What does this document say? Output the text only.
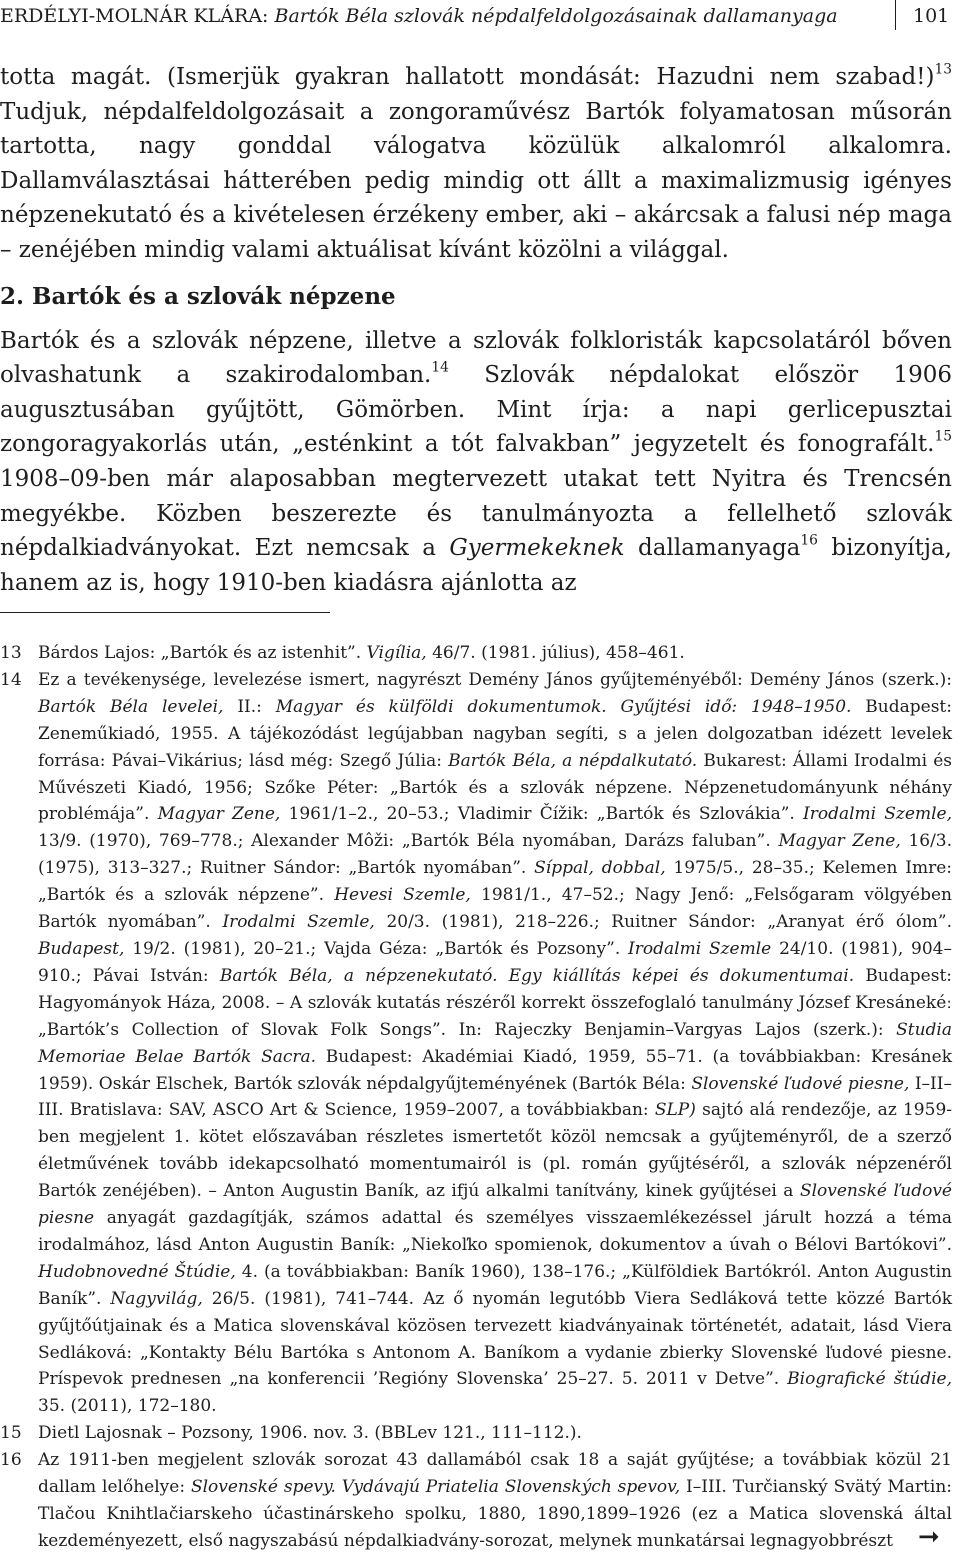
ERDÉLYI-MOLNÁR KLÁRA: Bartók Béla szlovák népdalfeldolgozásainak dallamanyaga	101

totta magát. (Ismerjük gyakran hallatott mondását: Hazudni nem szabad!)$^{13}$ Tudjuk, népdalfeldolgozásait a zongoraművész Bartók folyamatosan műsorán tartotta, nagy gonddal válogatva közülük alkalomról alkalomra. Dallamválasztásai hátterében pedig mindig ott állt a maximalizmusig igényes népzenekutató és a kivételesen érzékeny ember, aki – akárcsak a falusi nép maga – zenéjében mindig valami aktuálisat kívánt közölni a világgal.

2. Bartók és a szlovák népzene

Bartók és a szlovák népzene, illetve a szlovák folkloristák kapcsolatáról bőven olvashatunk a szakirodalomban.$^{14}$ Szlovák népdalokat először 1906 augusztusában gyűjtött, Gömörben. Mint írja: a napi gerlicepusztai zongoragyakorlás után, „esténkint a tót falvakban” jegyzetelt és fonografált.$^{15}$ 1908–09-ben már alaposabban megtervezett utakat tett Nyitra és Trencsén megyékbe. Közben beszerezte és tanulmányozta a fellelhető szlovák népdalkiadványokat. Ezt nemcsak a Gyermekeknek dallamanyaga$^{16}$ bizonyítja, hanem az is, hogy 1910-ben kiadásra ajánlotta az

13 Bárdos Lajos: „Bartók és az istenhit”. Vigília, 46/7. (1981. július), 458–461.
14 Ez a tevékenysége, levelezése ismert, nagyrészt Demény János gyűjteményéből: Demény János (szerk.): Bartók Béla levelei, II.: Magyar és külföldi dokumentumok. Gyűjtési idő: 1948–1950. Budapest: Zeneműkiadó, 1955. A tájékozódást legújabban nagyban segíti, s a jelen dolgozatban idézett levelek forrása: Pávai–Vikárius; lásd még: Szegő Júlia: Bartók Béla, a népdalkutató. Bukarest: Állami Irodalmi és Művészeti Kiadó, 1956; Szőke Péter: „Bartók és a szlovák népzene. Népzenetudományunk néhány problémája”. Magyar Zene, 1961/1–2., 20–53.; Vladimir Čížik: „Bartók és Szlovákia”. Irodalmi Szemle, 13/9. (1970), 769–778.; Alexander Môži: „Bartók Béla nyomában, Darázs faluban”. Magyar Zene, 16/3. (1975), 313–327.; Ruitner Sándor: „Bartók nyomában”. Síppal, dobbal, 1975/5., 28–35.; Kelemen Imre: „Bartók és a szlovák népzene”. Hevesi Szemle, 1981/1., 47–52.; Nagy Jenő: „Felsőgaram völgyében Bartók nyomában”. Irodalmi Szemle, 20/3. (1981), 218–226.; Ruitner Sándor: „Aranyat érő ólom”. Budapest, 19/2. (1981), 20–21.; Vajda Géza: „Bartók és Pozsony”. Irodalmi Szemle 24/10. (1981), 904–910.; Pávai István: Bartók Béla, a népzenekutató. Egy kiállítás képei és dokumentumai. Budapest: Hagyományok Háza, 2008. – A szlovák kutatás részéről korrekt összefoglaló tanulmány József Kresánekéː „Bartók’s Collection of Slovak Folk Songs”. In: Rajeczky Benjamin–Vargyas Lajos (szerk.): Studia Memoriae Belae Bartók Sacra. Budapest: Akadémiai Kiadó, 1959, 55–71. (a továbbiakban: Kresánek 1959). Oskár Elschek, Bartók szlovák népdalgyűjteményének (Bartók Béla: Slovenské ľudové piesne, I–II–III. Bratislava: SAV, ASCO Art & Science, 1959–2007, a továbbiakban: SLP) sajtó alá rendezője, az 1959-ben megjelent 1. kötet előszavában részletes ismertetőt közöl nemcsak a gyűjteményről, de a szerző életművének tovább idekapcsolható momentumairól is (pl. román gyűjtéséről, a szlovák népzenéről Bartók zenéjében). – Anton Augustin Baník, az ifjú alkalmi tanítvány, kinek gyűjtései a Slovenské ľudové piesne anyagát gazdagítják, számos adattal és személyes visszaemlékezéssel járult hozzá a téma irodalmához, lásd Anton Augustin Baník: „Niekoľko spomienok, dokumentov a úvah o Bélovi Bartókovi”. Hudobnovedné Štúdie, 4. (a továbbiakban: Baník 1960), 138–176.; „Külföldiek Bartókról. Anton Augustin Baník”. Nagyvilág, 26/5. (1981), 741–744. Az ő nyomán legutóbb Viera Sedláková tette közzé Bartók gyűjtőútjainak és a Matica slovenskával közösen tervezett kiadványainak történetét, adatait, lásd Viera Sedláková: „Kontakty Bélu Bartóka s Antonom A. Baníkom a vydanie zbierky Slovenské ľudové piesne. Príspevok prednesen „na konferencii ’Regióny Slovenska’ 25–27. 5. 2011 v Detve”. Biografické štúdie, 35. (2011), 172–180.
15 Dietl Lajosnak – Pozsony, 1906. nov. 3. (BBLev 121., 111–112.).
16 Az 1911-ben megjelent szlovák sorozat 43 dallamából csak 18 a saját gyűjtése; a továbbiak közül 21 dallam lelőhelye: Slovenské spevy. Vydávajú Priatelia Slovenských spevov, I–III. Turčianský Svätý Martin: Tlačou Knihtlačiarskeho účastinárskeho spolku, 1880, 1890,1899–1926 (ez a Matica slovenská által kezdeményezett, első nagyszabású népdalkiadvány-sorozat, melynek munkatársai legnagyobbrészt ➞
